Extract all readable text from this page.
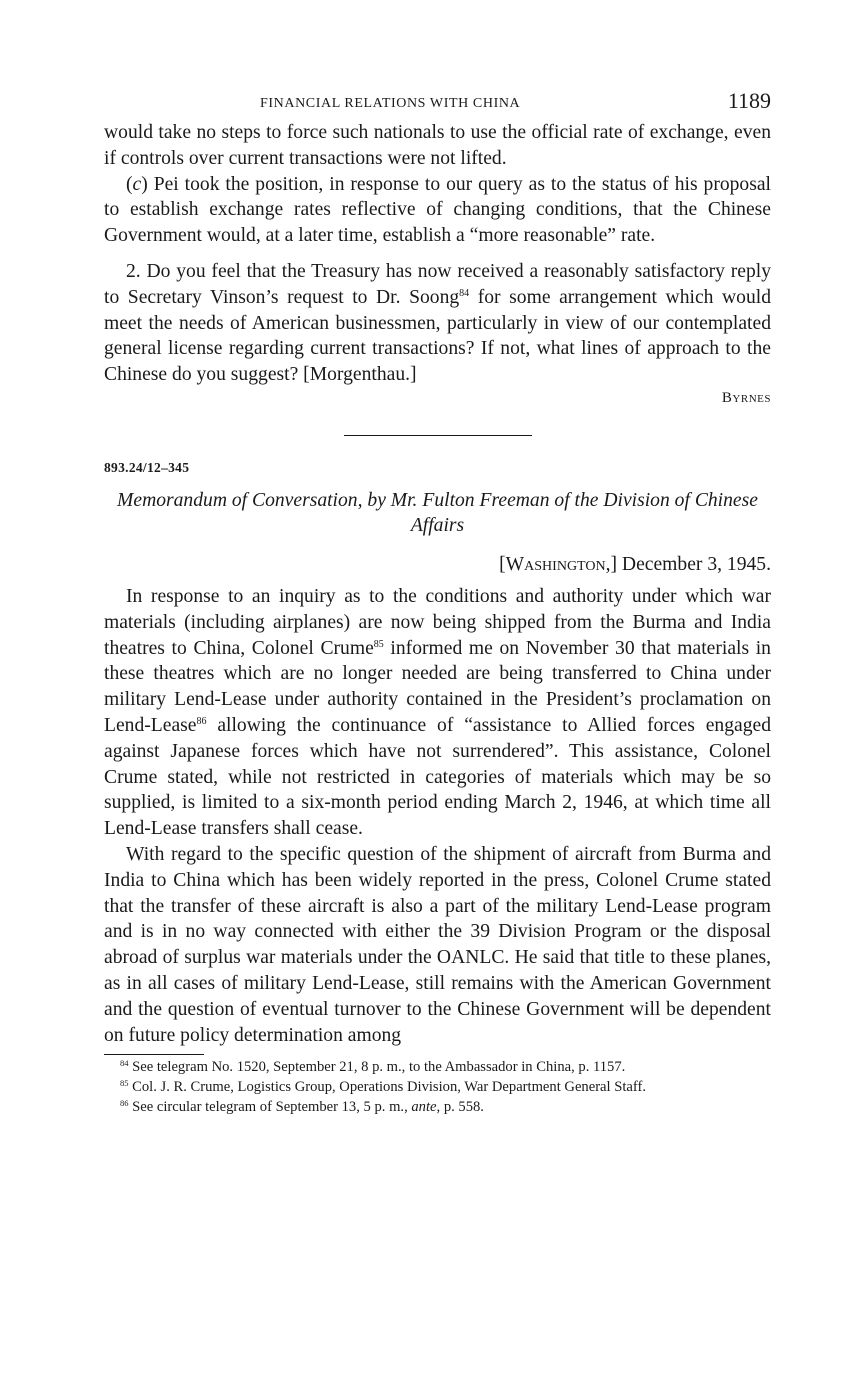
FINANCIAL RELATIONS WITH CHINA	1189

would take no steps to force such nationals to use the official rate of exchange, even if controls over current transactions were not lifted.

(c) Pei took the position, in response to our query as to the status of his proposal to establish exchange rates reflective of changing conditions, that the Chinese Government would, at a later time, establish a “more reasonable” rate.

2. Do you feel that the Treasury has now received a reasonably satisfactory reply to Secretary Vinson’s request to Dr. Soong$^{84}$ for some arrangement which would meet the needs of American businessmen, particularly in view of our contemplated general license regarding current transactions? If not, what lines of approach to the Chinese do you suggest? [Morgenthau.]

Byrnes
893.24/12–345
Memorandum of Conversation, by Mr. Fulton Freeman of the Division of Chinese Affairs
[Washington,] December 3, 1945.

In response to an inquiry as to the conditions and authority under which war materials (including airplanes) are now being shipped from the Burma and India theatres to China, Colonel Crume$^{85}$ informed me on November 30 that materials in these theatres which are no longer needed are being transferred to China under military Lend-Lease under authority contained in the President’s proclamation on Lend-Lease$^{86}$ allowing the continuance of “assistance to Allied forces engaged against Japanese forces which have not surrendered”. This assistance, Colonel Crume stated, while not restricted in categories of materials which may be so supplied, is limited to a six-month period ending March 2, 1946, at which time all Lend-Lease transfers shall cease.

With regard to the specific question of the shipment of aircraft from Burma and India to China which has been widely reported in the press, Colonel Crume stated that the transfer of these aircraft is also a part of the military Lend-Lease program and is in no way connected with either the 39 Division Program or the disposal abroad of surplus war materials under the OANLC. He said that title to these planes, as in all cases of military Lend-Lease, still remains with the American Government and the question of eventual turnover to the Chinese Government will be dependent on future policy determination among

$^{84}$ See telegram No. 1520, September 21, 8 p. m., to the Ambassador in China, p. 1157.
$^{85}$ Col. J. R. Crume, Logistics Group, Operations Division, War Department General Staff.
$^{86}$ See circular telegram of September 13, 5 p. m., ante, p. 558.
